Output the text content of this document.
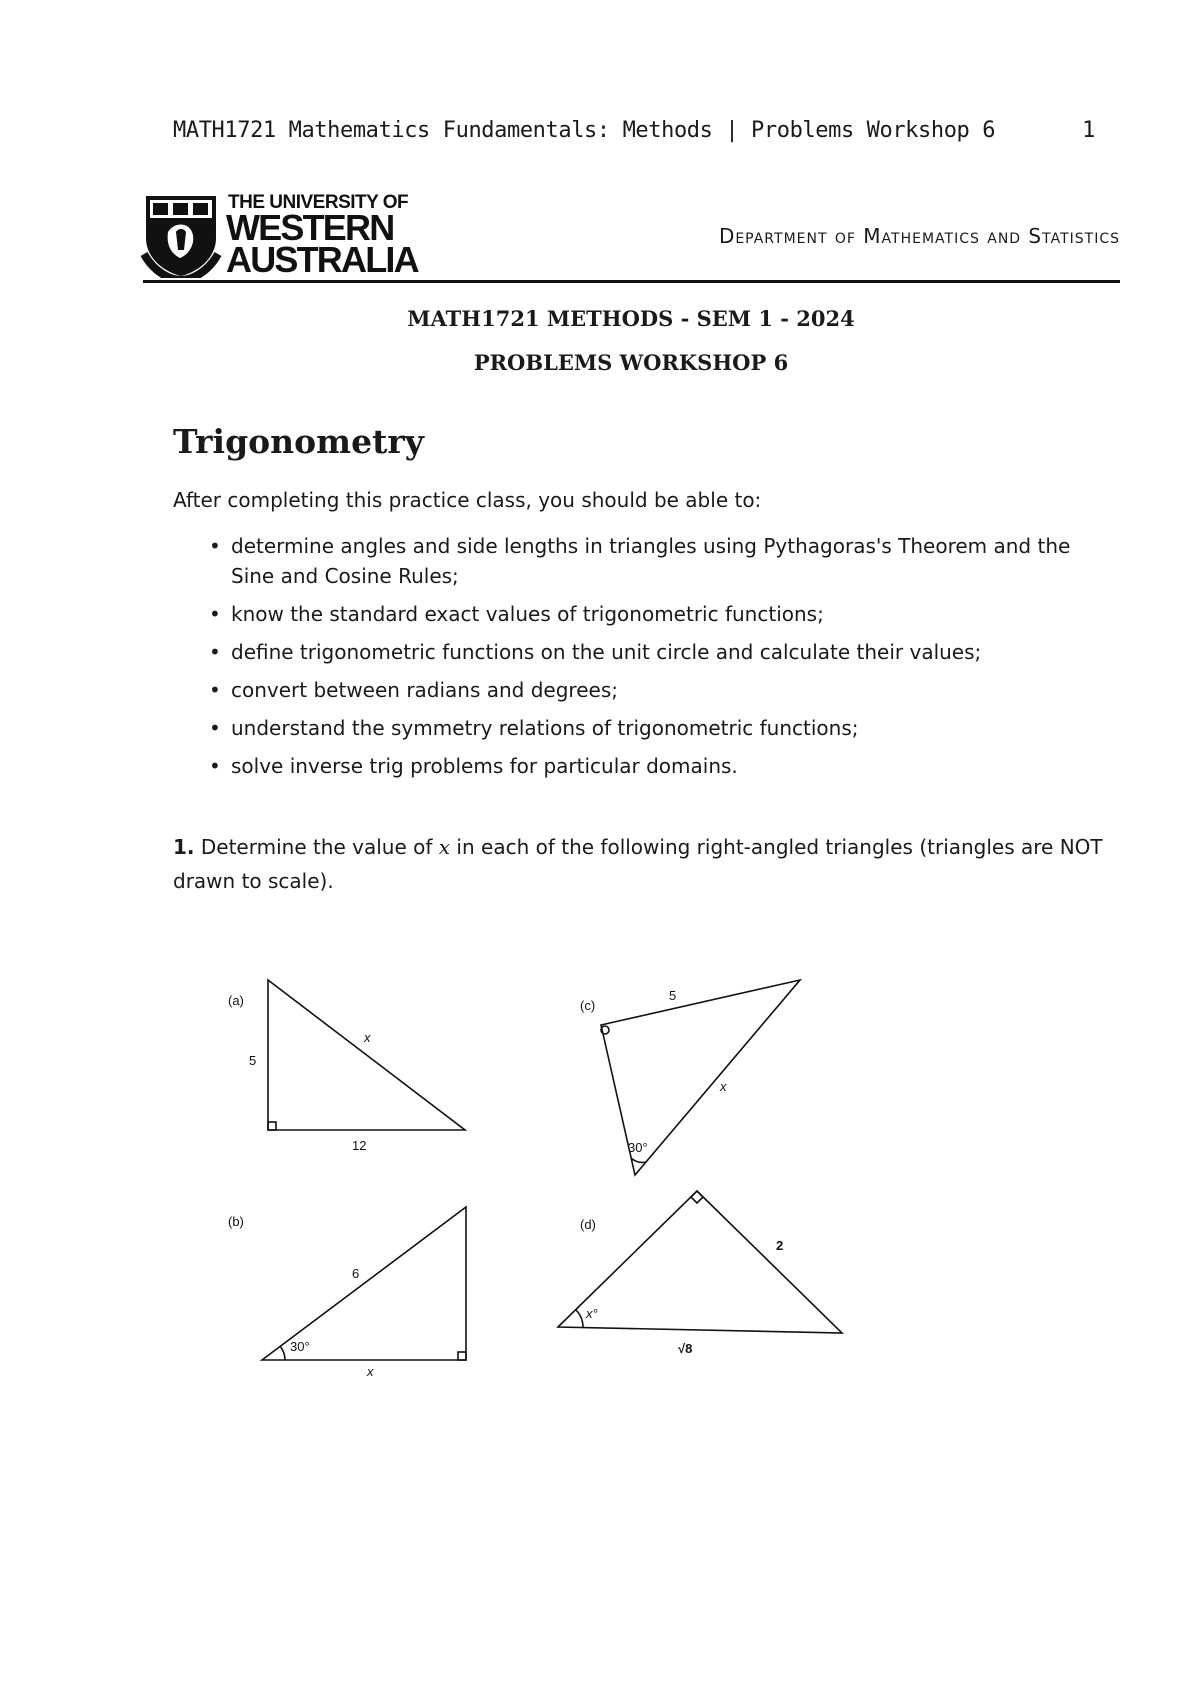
MATH1721 Mathematics Fundamentals: Methods | Problems Workshop 6	1
THE UNIVERSITY OF
WESTERN
AUSTRALIA
Department of Mathematics and Statistics
MATH1721 METHODS - SEM 1 - 2024
PROBLEMS WORKSHOP 6
Trigonometry
After completing this practice class, you should be able to:
• determine angles and side lengths in triangles using Pythagoras's Theorem and the Sine and Cosine Rules;
• know the standard exact values of trigonometric functions;
• define trigonometric functions on the unit circle and calculate their values;
• convert between radians and degrees;
• understand the symmetry relations of trigonometric functions;
• solve inverse trig problems for particular domains.
1. Determine the value of x in each of the following right-angled triangles (triangles are NOT drawn to scale).
(a)
5
12
x
(b)
6
30°
x
(c)
5
x
30°
(d)
2
x°
√8
